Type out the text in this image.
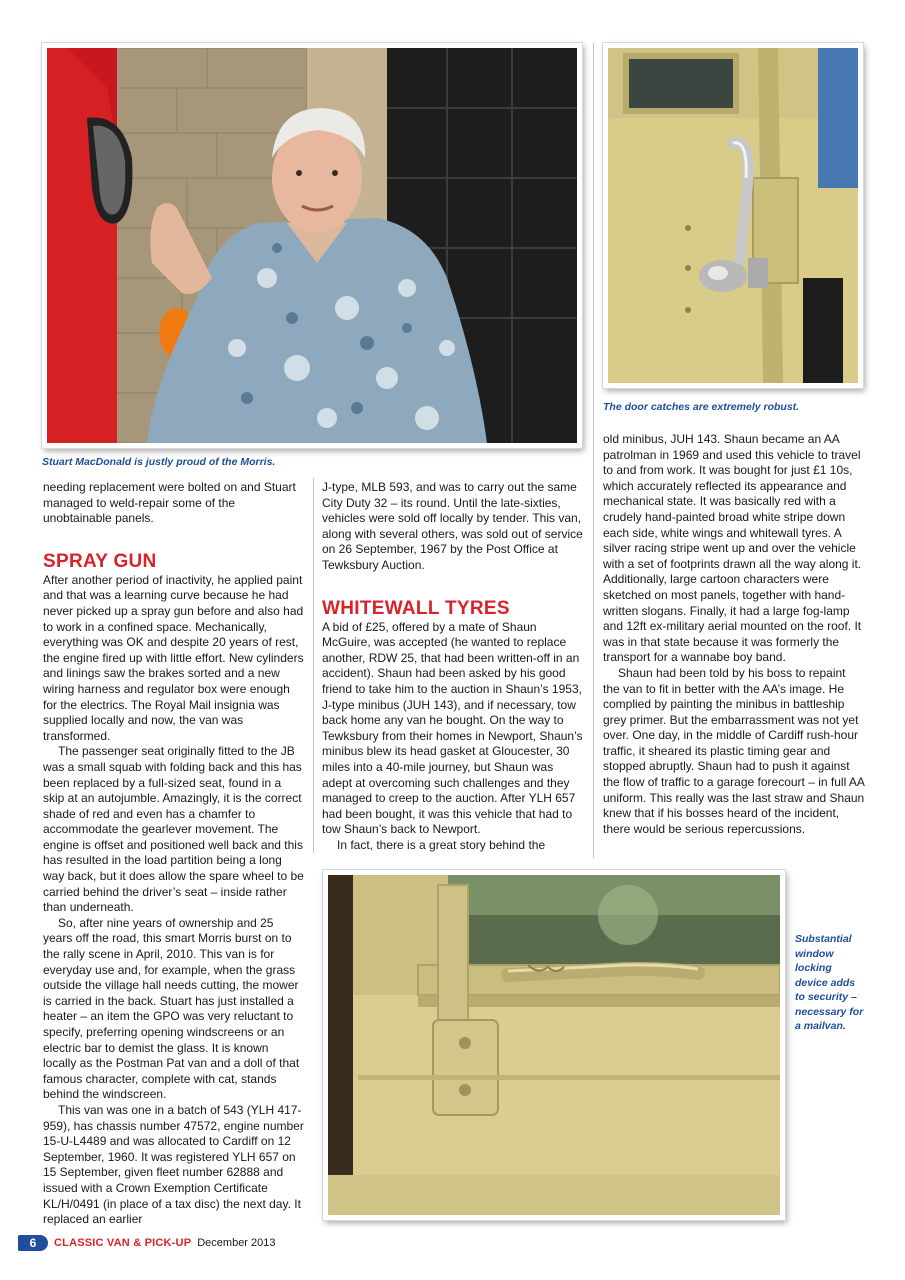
Stuart MacDonald is justly proud of the Morris.
The door catches are extremely robust.

needing replacement were bolted on and Stuart managed to weld-repair some of the unobtainable panels.

SPRAY GUN

After another period of inactivity, he applied paint and that was a learning curve because he had never picked up a spray gun before and also had to work in a confined space. Mechanically, everything was OK and despite 20 years of rest, the engine fired up with little effort. New cylinders and linings saw the brakes sorted and a new wiring harness and regulator box were enough for the electrics. The Royal Mail insignia was supplied locally and now, the van was transformed.

The passenger seat originally fitted to the JB was a small squab with folding back and this has been replaced by a full-sized seat, found in a skip at an autojumble. Amazingly, it is the correct shade of red and even has a chamfer to accommodate the gearlever movement. The engine is offset and positioned well back and this has resulted in the load partition being a long way back, but it does allow the spare wheel to be carried behind the driver’s seat – inside rather than underneath.

So, after nine years of ownership and 25 years off the road, this smart Morris burst on to the rally scene in April, 2010. This van is for everyday use and, for example, when the grass outside the village hall needs cutting, the mower is carried in the back. Stuart has just installed a heater – an item the GPO was very reluctant to specify, preferring opening windscreens or an electric bar to demist the glass. It is known locally as the Postman Pat van and a doll of that famous character, complete with cat, stands behind the windscreen.

This van was one in a batch of 543 (YLH 417-959), has chassis number 47572, engine number 15-U-L4489 and was allocated to Cardiff on 12 September, 1960. It was registered YLH 657 on 15 September, given fleet number 62888 and issued with a Crown Exemption Certificate KL/H/0491 (in place of a tax disc) the next day. It replaced an earlier

J-type, MLB 593, and was to carry out the same City Duty 32 – its round. Until the late-sixties, vehicles were sold off locally by tender. This van, along with several others, was sold out of service on 26 September, 1967 by the Post Office at Tewksbury Auction.

WHITEWALL TYRES

A bid of £25, offered by a mate of Shaun McGuire, was accepted (he wanted to replace another, RDW 25, that had been written-off in an accident). Shaun had been asked by his good friend to take him to the auction in Shaun’s 1953, J-type minibus (JUH 143), and if necessary, tow back home any van he bought. On the way to Tewksbury from their homes in Newport, Shaun’s minibus blew its head gasket at Gloucester, 30 miles into a 40-mile journey, but Shaun was adept at overcoming such challenges and they managed to creep to the auction. After YLH 657 had been bought, it was this vehicle that had to tow Shaun’s back to Newport.

In fact, there is a great story behind the

old minibus, JUH 143. Shaun became an AA patrolman in 1969 and used this vehicle to travel to and from work. It was bought for just £1 10s, which accurately reflected its appearance and mechanical state. It was basically red with a crudely hand-painted broad white stripe down each side, white wings and whitewall tyres. A silver racing stripe went up and over the vehicle with a set of footprints drawn all the way along it. Additionally, large cartoon characters were sketched on most panels, together with hand-written slogans. Finally, it had a large fog-lamp and 12ft ex-military aerial mounted on the roof. It was in that state because it was formerly the transport for a wannabe boy band.

Shaun had been told by his boss to repaint the van to fit in better with the AA’s image. He complied by painting the minibus in battleship grey primer. But the embarrassment was not yet over. One day, in the middle of Cardiff rush-hour traffic, it sheared its plastic timing gear and stopped abruptly. Shaun had to push it against the flow of traffic to a garage forecourt – in full AA uniform. This really was the last straw and Shaun knew that if his bosses heard of the incident, there would be serious repercussions.

Substantial window locking device adds to security – necessary for a mailvan.
6	CLASSIC VAN & PICK-UP December 2013
